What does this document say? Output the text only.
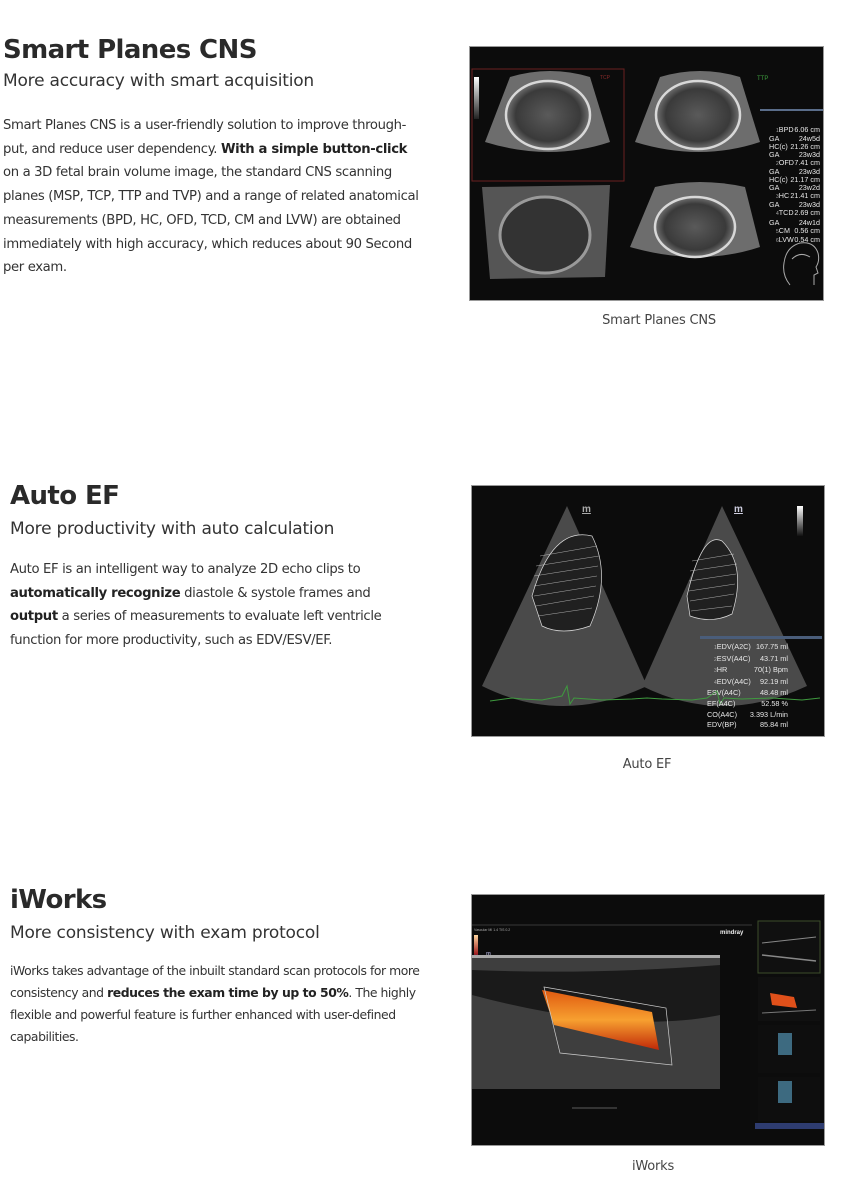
Smart Planes CNS

More accuracy with smart acquisition

Smart Planes CNS is a user-friendly solution to improve through-put, and reduce user dependency. With a simple button-click on a 3D fetal brain volume image, the standard CNS scanning planes (MSP, TCP, TTP and TVP) and a range of related anatomical measurements (BPD, HC, OFD, TCD, CM and LVW) are obtained immediately with high accuracy, which reduces about 90 Second per exam.
TCP	TTP
1BPD 6.06 cm
GA	24w5d
HC(c) 21.26 cm
GA	23w3d
2OFD 7.41 cm
GA	23w3d
HC(c) 21.17 cm
GA	23w2d
3HC 21.41 cm
GA	23w3d
4TCD 2.69 cm
GA	24w1d
5CM 0.56 cm
6LVW 0.54 cm
Smart Planes CNS
Auto EF

More productivity with auto calculation

Auto EF is an intelligent way to analyze 2D echo clips to automatically recognize diastole & systole frames and output a series of measurements to evaluate left ventricle function for more productivity, such as EDV/ESV/EF.
m	m
1EDV(A2C) 167.75 ml
2ESV(A4C) 43.71 ml
3HR	70(1) Bpm
4EDV(A4C) 92.19 ml
ESV(A4C)	48.48 ml
EF(A4C)	52.58 %
CO(A4C) 3.393 L/min
EDV(BP)	85.84 ml
Auto EF
iWorks

More consistency with exam protocol

iWorks takes advantage of the inbuilt standard scan protocols for more consistency and reduces the exam time by up to 50%. The highly flexible and powerful feature is further enhanced with user-defined capabilities.
Vascular MI 1.4 TIS 0.2	mindray
m
iWorks
